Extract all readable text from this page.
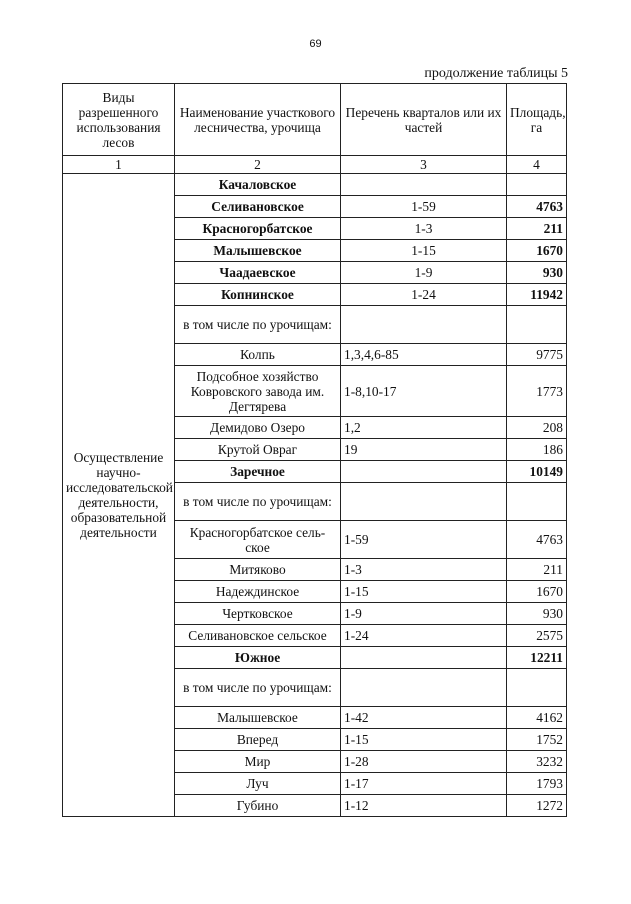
69
продолжение таблицы 5
Виды разрешенного использования лесов	Наименование участкового лесничества, урочища	Перечень кварталов или их частей	Площадь, га
1	2	3	4
Осуществление научно-исследовательской деятельности, образовательной деятельности	Качаловское		
	Селивановское	1-59	4763
	Красногорбатское	1-3	211
	Малышевское	1-15	1670
	Чаадаевское	1-9	930
	Копнинское	1-24	11942
	в том числе по урочищам:		
	Колпь	1,3,4,6-85	9775
	Подсобное хозяйство Ковровского завода им. Дегтярева	1-8,10-17	1773
	Демидово Озеро	1,2	208
	Крутой Овраг	19	186
	Заречное		10149
	в том числе по урочищам:		
	Красногорбатское сель-ское	1-59	4763
	Митяково	1-3	211
	Надеждинское	1-15	1670
	Чертковское	1-9	930
	Селивановское сельское	1-24	2575
	Южное		12211
	в том числе по урочищам:		
	Малышевское	1-42	4162
	Вперед	1-15	1752
	Мир	1-28	3232
	Луч	1-17	1793
	Губино	1-12	1272
